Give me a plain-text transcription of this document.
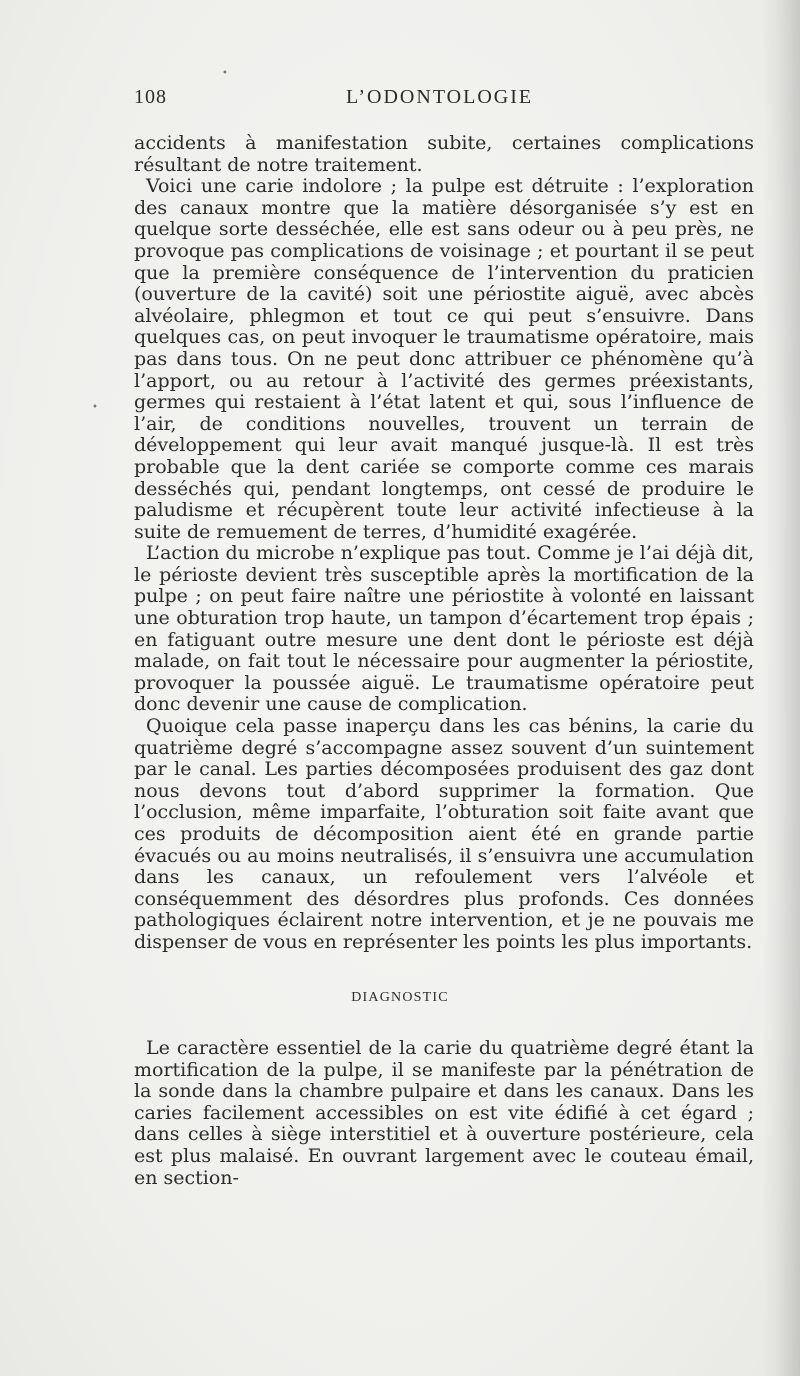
108	L’ODONTOLOGIE
•
•

accidents à manifestation subite, certaines complications résultant de notre traitement.

Voici une carie indolore ; la pulpe est détruite : l’exploration des canaux montre que la matière désorganisée s’y est en quelque sorte desséchée, elle est sans odeur ou à peu près, ne provoque pas complications de voisinage ; et pourtant il se peut que la première conséquence de l’intervention du praticien (ouverture de la cavité) soit une périostite aiguë, avec abcès alvéolaire, phlegmon et tout ce qui peut s’ensuivre. Dans quelques cas, on peut invoquer le traumatisme opératoire, mais pas dans tous. On ne peut donc attribuer ce phénomène qu’à l’apport, ou au retour à l’activité des germes préexistants, germes qui restaient à l’état latent et qui, sous l’influence de l’air, de conditions nouvelles, trouvent un terrain de développement qui leur avait manqué jusque-là. Il est très probable que la dent cariée se comporte comme ces marais desséchés qui, pendant longtemps, ont cessé de produire le paludisme et récupèrent toute leur activité infectieuse à la suite de remuement de terres, d’humidité exagérée.

L’action du microbe n’explique pas tout. Comme je l’ai déjà dit, le périoste devient très susceptible après la mortification de la pulpe ; on peut faire naître une périostite à volonté en laissant une obturation trop haute, un tampon d’écartement trop épais ; en fatiguant outre mesure une dent dont le périoste est déjà malade, on fait tout le nécessaire pour augmenter la périostite, provoquer la poussée aiguë. Le traumatisme opératoire peut donc devenir une cause de complication.

Quoique cela passe inaperçu dans les cas bénins, la carie du quatrième degré s’accompagne assez souvent d’un suintement par le canal. Les parties décomposées produisent des gaz dont nous devons tout d’abord supprimer la formation. Que l’occlusion, même imparfaite, l’obturation soit faite avant que ces produits de décomposition aient été en grande partie évacués ou au moins neutralisés, il s’ensuivra une accumulation dans les canaux, un refoulement vers l’alvéole et conséquemment des désordres plus profonds. Ces données pathologiques éclairent notre intervention, et je ne pouvais me dispenser de vous en représenter les points les plus importants.

DIAGNOSTIC

Le caractère essentiel de la carie du quatrième degré étant la mortification de la pulpe, il se manifeste par la pénétration de la sonde dans la chambre pulpaire et dans les canaux. Dans les caries facilement accessibles on est vite édifié à cet égard ; dans celles à siège interstitiel et à ouverture postérieure, cela est plus malaisé. En ouvrant largement avec le couteau émail, en section-
